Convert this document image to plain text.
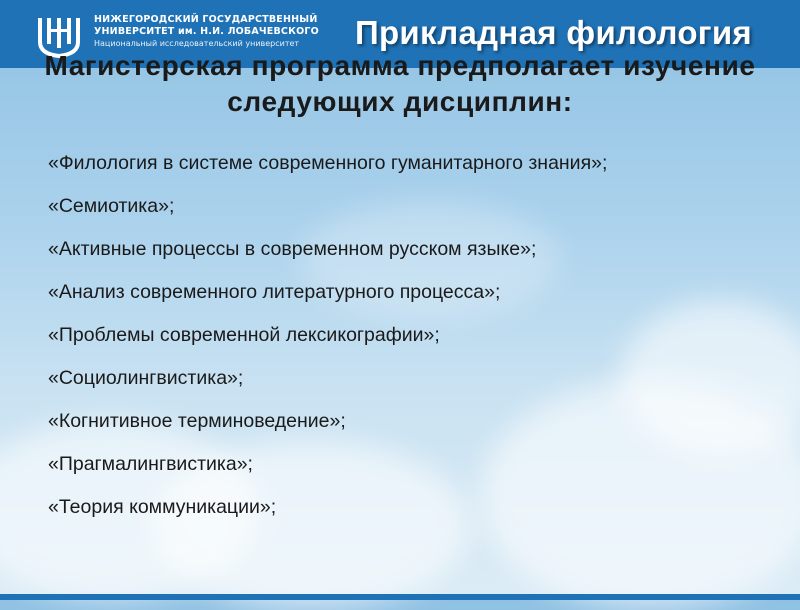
НИЖЕГОРОДСКИЙ ГОСУДАРСТВЕННЫЙ
УНИВЕРСИТЕТ им. Н.И. ЛОБАЧЕВСКОГО
Национальный исследовательский университет	Прикладная филология
Магистерская программа предполагает изучение следующих дисциплин:
«Филология в системе современного гуманитарного знания»;
«Семиотика»;
«Активные процессы в современном русском языке»;
«Анализ современного литературного процесса»;
«Проблемы современной лексикографии»;
«Социолингвистика»;
«Когнитивное терминоведение»;
«Прагмалингвистика»;
«Теория коммуникации»;
